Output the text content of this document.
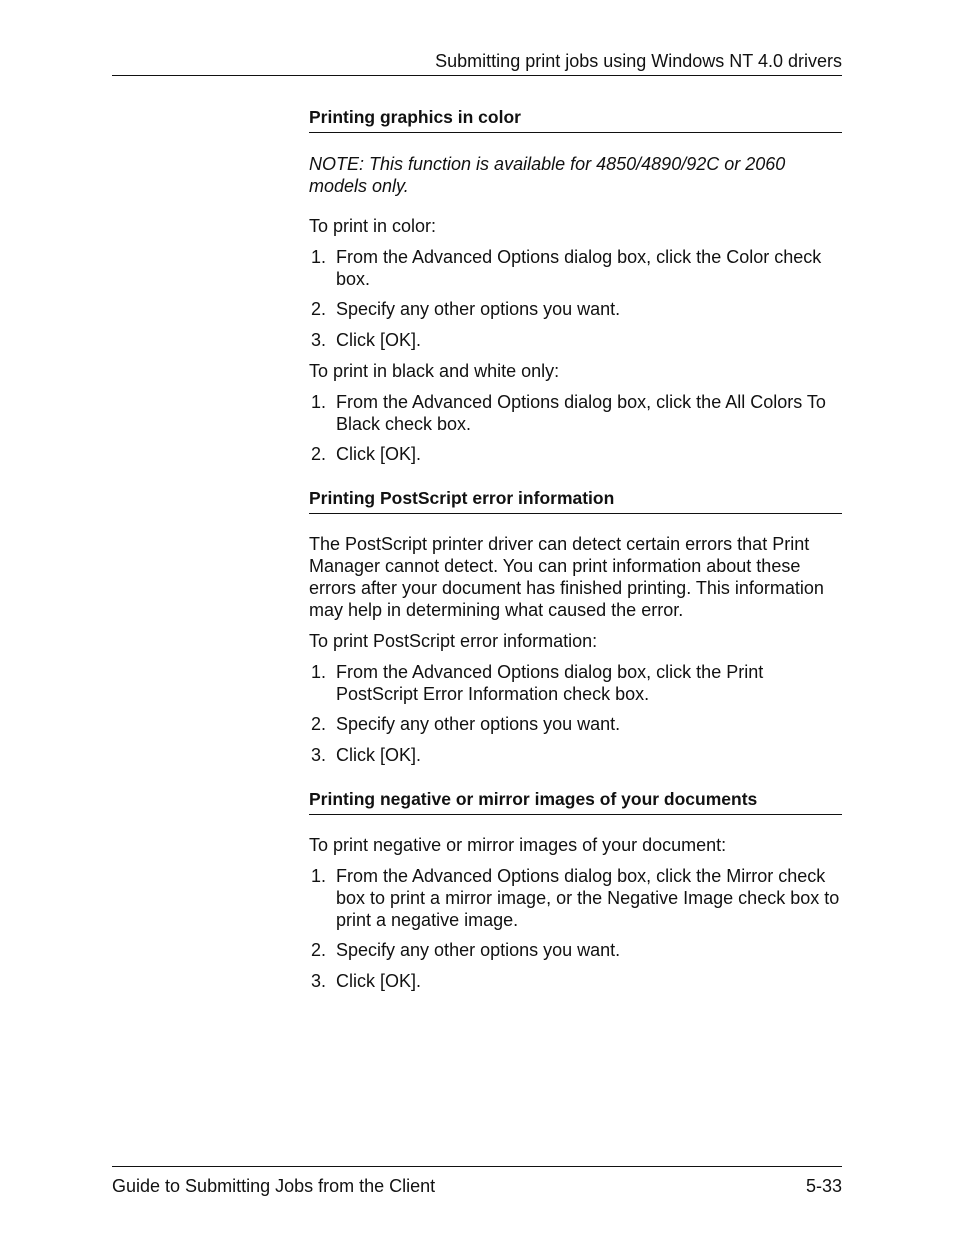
Submitting print jobs using Windows NT 4.0 drivers
Printing graphics in color

NOTE: This function is available for 4850/4890/92C or 2060 models only.

To print in color:

1. From the Advanced Options dialog box, click the Color check box.
2. Specify any other options you want.
3. Click [OK].

To print in black and white only:

1. From the Advanced Options dialog box, click the All Colors To Black check box.
2. Click [OK].
Printing PostScript error information

The PostScript printer driver can detect certain errors that Print Manager cannot detect. You can print information about these errors after your document has finished printing. This information may help in determining what caused the error.

To print PostScript error information:

1. From the Advanced Options dialog box, click the Print PostScript Error Information check box.
2. Specify any other options you want.
3. Click [OK].
Printing negative or mirror images of your documents

To print negative or mirror images of your document:

1. From the Advanced Options dialog box, click the Mirror check box to print a mirror image, or the Negative Image check box to print a negative image.
2. Specify any other options you want.
3. Click [OK].
Guide to Submitting Jobs from the Client	5-33
